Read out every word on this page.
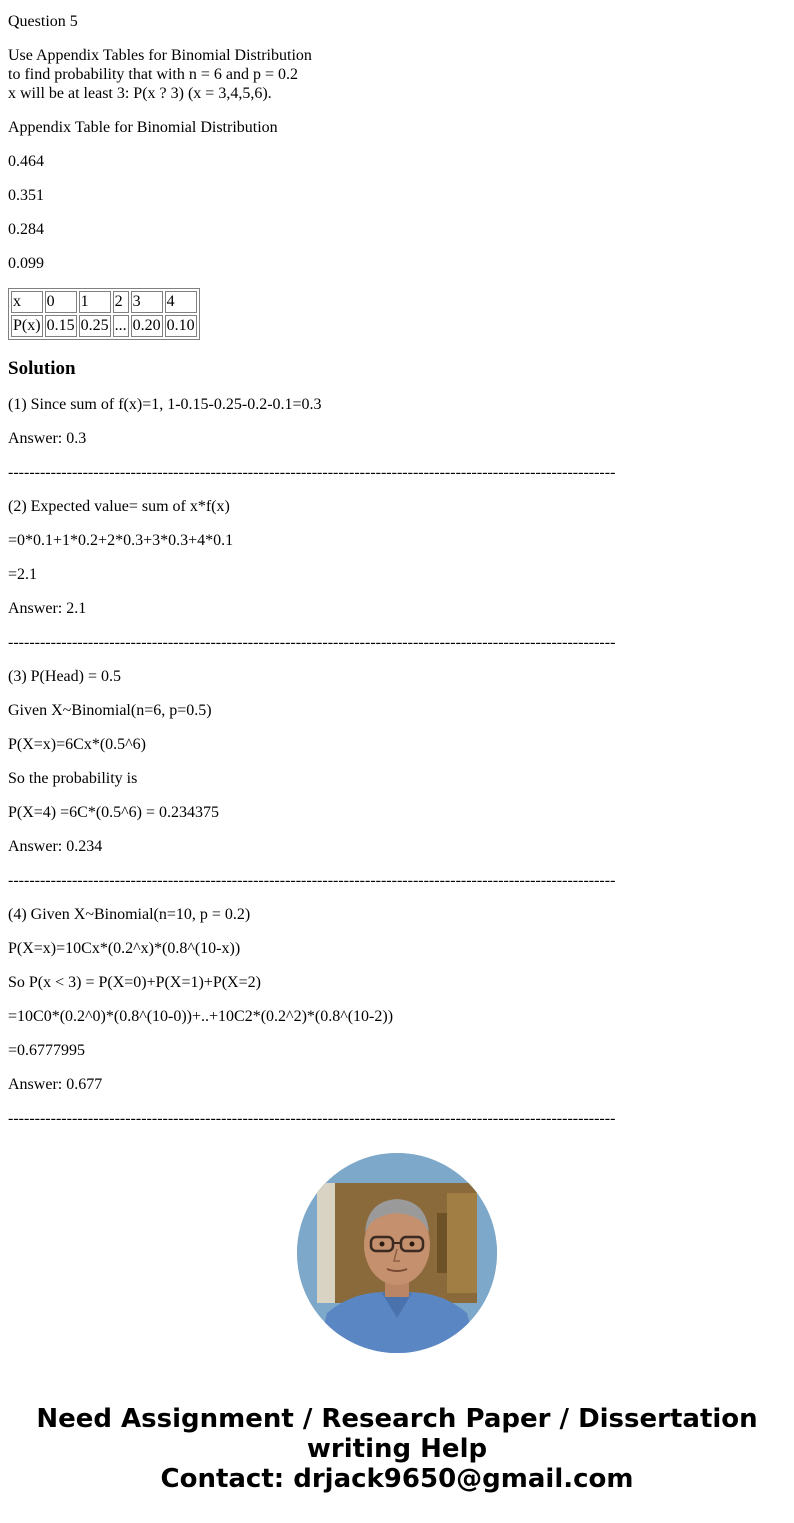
Question 5

Use Appendix Tables for Binomial Distribution

to find probability that with n = 6 and p = 0.2

x will be at least 3: P(x ? 3) (x = 3,4,5,6).

Appendix Table for Binomial Distribution

0.464

0.351

0.284

0.099

x	0	1	2	3	4
P(x)	0.15	0.25	...	0.20	0.10
Solution

(1) Since sum of f(x)=1, 1-0.15-0.25-0.2-0.1=0.3

Answer: 0.3

------------------------------------------------------------------------------------------------------------------

(2) Expected value= sum of x*f(x)

=0*0.1+1*0.2+2*0.3+3*0.3+4*0.1

=2.1

Answer: 2.1

------------------------------------------------------------------------------------------------------------------

(3) P(Head) = 0.5

Given X~Binomial(n=6, p=0.5)

P(X=x)=6Cx*(0.5^6)

So the probability is

P(X=4) =6C*(0.5^6) = 0.234375

Answer: 0.234

------------------------------------------------------------------------------------------------------------------

(4) Given X~Binomial(n=10, p = 0.2)

P(X=x)=10Cx*(0.2^x)*(0.8^(10-x))

So P(x < 3) = P(X=0)+P(X=1)+P(X=2)

=10C0*(0.2^0)*(0.8^(10-0))+..+10C2*(0.2^2)*(0.8^(10-2))

=0.6777995

Answer: 0.677

------------------------------------------------------------------------------------------------------------------

Need Assignment / Research Paper / Dissertation
writing Help
Contact: drjack9650@gmail.com
